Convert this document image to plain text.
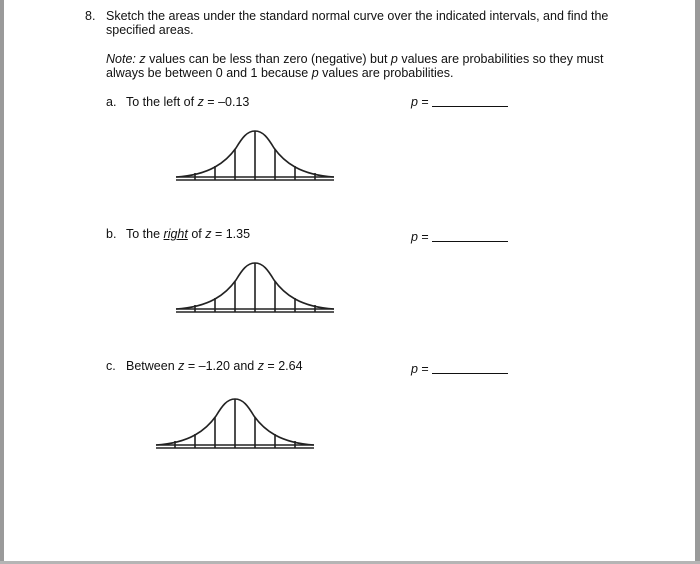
8. Sketch the areas under the standard normal curve over the indicated intervals, and find the specified areas.
Note: z values can be less than zero (negative) but p values are probabilities so they must always be between 0 and 1 because p values are probabilities.
a. To the left of z = –0.13	p =
b. To the right of z = 1.35	p =
c. Between z = –1.20 and z = 2.64	p =
